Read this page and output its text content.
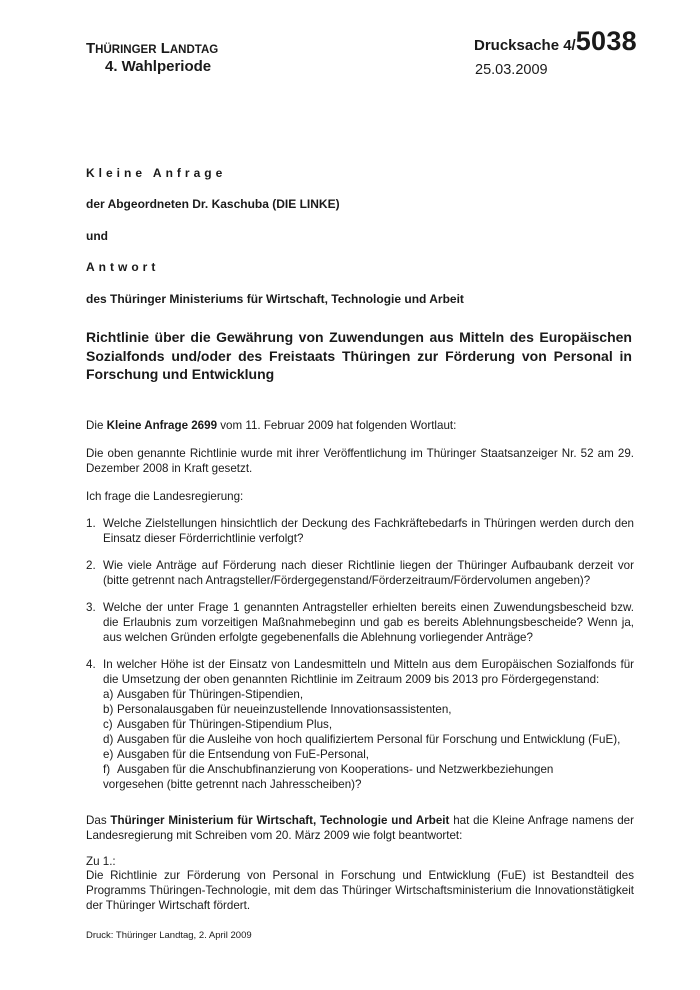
THÜRINGER LANDTAG
4. Wahlperiode
Drucksache 4/5038
25.03.2009
Kleine Anfrage
der Abgeordneten Dr. Kaschuba (DIE LINKE)
und
Antwort
des Thüringer Ministeriums für Wirtschaft, Technologie und Arbeit
Richtlinie über die Gewährung von Zuwendungen aus Mitteln des Europäischen Sozialfonds und/oder des Freistaats Thüringen zur Förderung von Personal in Forschung und Entwicklung
Die Kleine Anfrage 2699 vom 11. Februar 2009 hat folgenden Wortlaut:
Die oben genannte Richtlinie wurde mit ihrer Veröffentlichung im Thüringer Staatsanzeiger Nr. 52 am 29. Dezember 2008 in Kraft gesetzt.
Ich frage die Landesregierung:
1. Welche Zielstellungen hinsichtlich der Deckung des Fachkräftebedarfs in Thüringen werden durch den Einsatz dieser Förderrichtlinie verfolgt?
2. Wie viele Anträge auf Förderung nach dieser Richtlinie liegen der Thüringer Aufbaubank derzeit vor (bitte getrennt nach Antragsteller/Fördergegenstand/Förderzeitraum/Fördervolumen angeben)?
3. Welche der unter Frage 1 genannten Antragsteller erhielten bereits einen Zuwendungsbescheid bzw. die Erlaubnis zum vorzeitigen Maßnahmebeginn und gab es bereits Ablehnungsbescheide? Wenn ja, aus welchen Gründen erfolgte gegebenenfalls die Ablehnung vorliegender Anträge?
4. In welcher Höhe ist der Einsatz von Landesmitteln und Mitteln aus dem Europäischen Sozialfonds für die Umsetzung der oben genannten Richtlinie im Zeitraum 2009 bis 2013 pro Fördergegenstand:
a) Ausgaben für Thüringen-Stipendien,
b) Personalausgaben für neueinzustellende Innovationsassistenten,
c) Ausgaben für Thüringen-Stipendium Plus,
d) Ausgaben für die Ausleihe von hoch qualifiziertem Personal für Forschung und Entwicklung (FuE),
e) Ausgaben für die Entsendung von FuE-Personal,
f) Ausgaben für die Anschubfinanzierung von Kooperations- und Netzwerkbeziehungen
vorgesehen (bitte getrennt nach Jahresscheiben)?
Das Thüringer Ministerium für Wirtschaft, Technologie und Arbeit hat die Kleine Anfrage namens der Landesregierung mit Schreiben vom 20. März 2009 wie folgt beantwortet:
Zu 1.:
Die Richtlinie zur Förderung von Personal in Forschung und Entwicklung (FuE) ist Bestandteil des Programms Thüringen-Technologie, mit dem das Thüringer Wirtschaftsministerium die Innovationstätigkeit der Thüringer Wirtschaft fördert.
Druck: Thüringer Landtag, 2. April 2009
